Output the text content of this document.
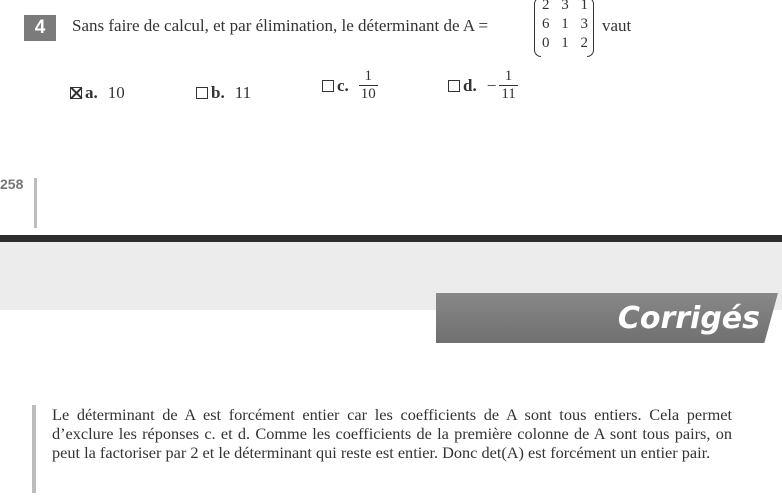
4	Sans faire de calcul, et par élimination, le déterminant de A =
2 3 1
6 1 3
0 1 2
vaut
a. 10	b. 11	c. $\frac{1}{10}$	d. − $\frac{1}{11}$
258
Corrigés

Le déterminant de A est forcément entier car les coefficients de A sont tous entiers. Cela permet d’exclure les réponses c. et d. Comme les coefficients de la première colonne de A sont tous pairs, on peut la factoriser par 2 et le déterminant qui reste est entier. Donc det(A) est forcément un entier pair.
